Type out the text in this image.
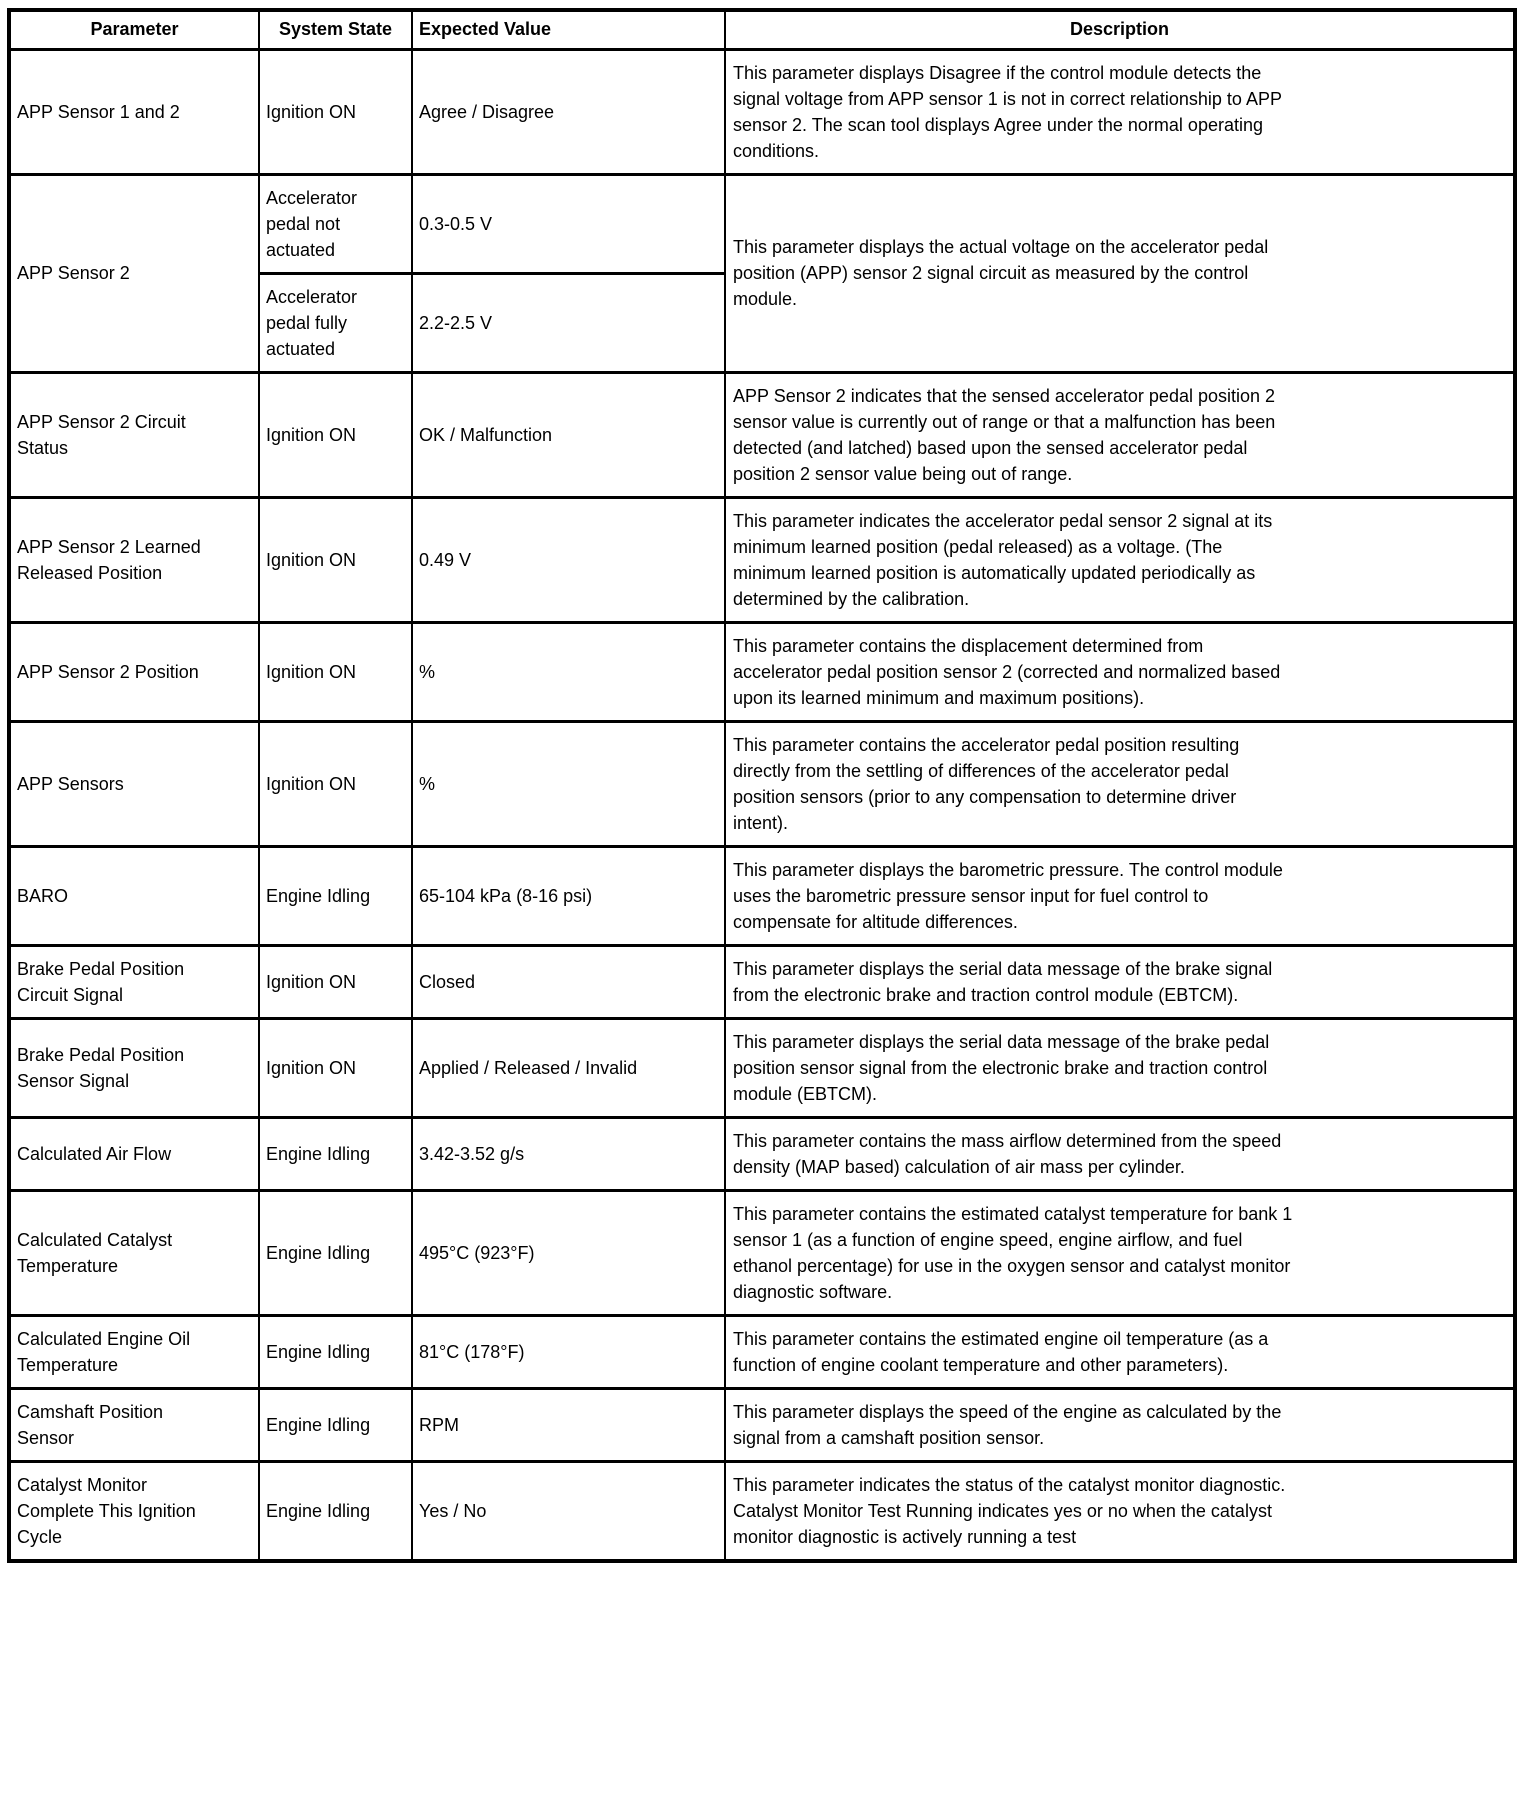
Parameter	System State	Expected Value	Description
APP Sensor 1 and 2	Ignition ON	Agree / Disagree	This parameter displays Disagree if the control module detects the signal voltage from APP sensor 1 is not in correct relationship to APP sensor 2. The scan tool displays Agree under the normal operating conditions.
APP Sensor 2	Accelerator pedal not actuated	0.3-0.5 V	This parameter displays the actual voltage on the accelerator pedal position (APP) sensor 2 signal circuit as measured by the control module.
	Accelerator pedal fully actuated	2.2-2.5 V	
APP Sensor 2 Circuit Status	Ignition ON	OK / Malfunction	APP Sensor 2 indicates that the sensed accelerator pedal position 2 sensor value is currently out of range or that a malfunction has been detected (and latched) based upon the sensed accelerator pedal position 2 sensor value being out of range.
APP Sensor 2 Learned Released Position	Ignition ON	0.49 V	This parameter indicates the accelerator pedal sensor 2 signal at its minimum learned position (pedal released) as a voltage. (The minimum learned position is automatically updated periodically as determined by the calibration.
APP Sensor 2 Position	Ignition ON	%	This parameter contains the displacement determined from accelerator pedal position sensor 2 (corrected and normalized based upon its learned minimum and maximum positions).
APP Sensors	Ignition ON	%	This parameter contains the accelerator pedal position resulting directly from the settling of differences of the accelerator pedal position sensors (prior to any compensation to determine driver intent).
BARO	Engine Idling	65-104 kPa (8-16 psi)	This parameter displays the barometric pressure. The control module uses the barometric pressure sensor input for fuel control to compensate for altitude differences.
Brake Pedal Position Circuit Signal	Ignition ON	Closed	This parameter displays the serial data message of the brake signal from the electronic brake and traction control module (EBTCM).
Brake Pedal Position Sensor Signal	Ignition ON	Applied / Released / Invalid	This parameter displays the serial data message of the brake pedal position sensor signal from the electronic brake and traction control module (EBTCM).
Calculated Air Flow	Engine Idling	3.42-3.52 g/s	This parameter contains the mass airflow determined from the speed density (MAP based) calculation of air mass per cylinder.
Calculated Catalyst Temperature	Engine Idling	495°C (923°F)	This parameter contains the estimated catalyst temperature for bank 1 sensor 1 (as a function of engine speed, engine airflow, and fuel ethanol percentage) for use in the oxygen sensor and catalyst monitor diagnostic software.
Calculated Engine Oil Temperature	Engine Idling	81°C (178°F)	This parameter contains the estimated engine oil temperature (as a function of engine coolant temperature and other parameters).
Camshaft Position Sensor	Engine Idling	RPM	This parameter displays the speed of the engine as calculated by the signal from a camshaft position sensor.
Catalyst Monitor Complete This Ignition Cycle	Engine Idling	Yes / No	This parameter indicates the status of the catalyst monitor diagnostic. Catalyst Monitor Test Running indicates yes or no when the catalyst monitor diagnostic is actively running a test
